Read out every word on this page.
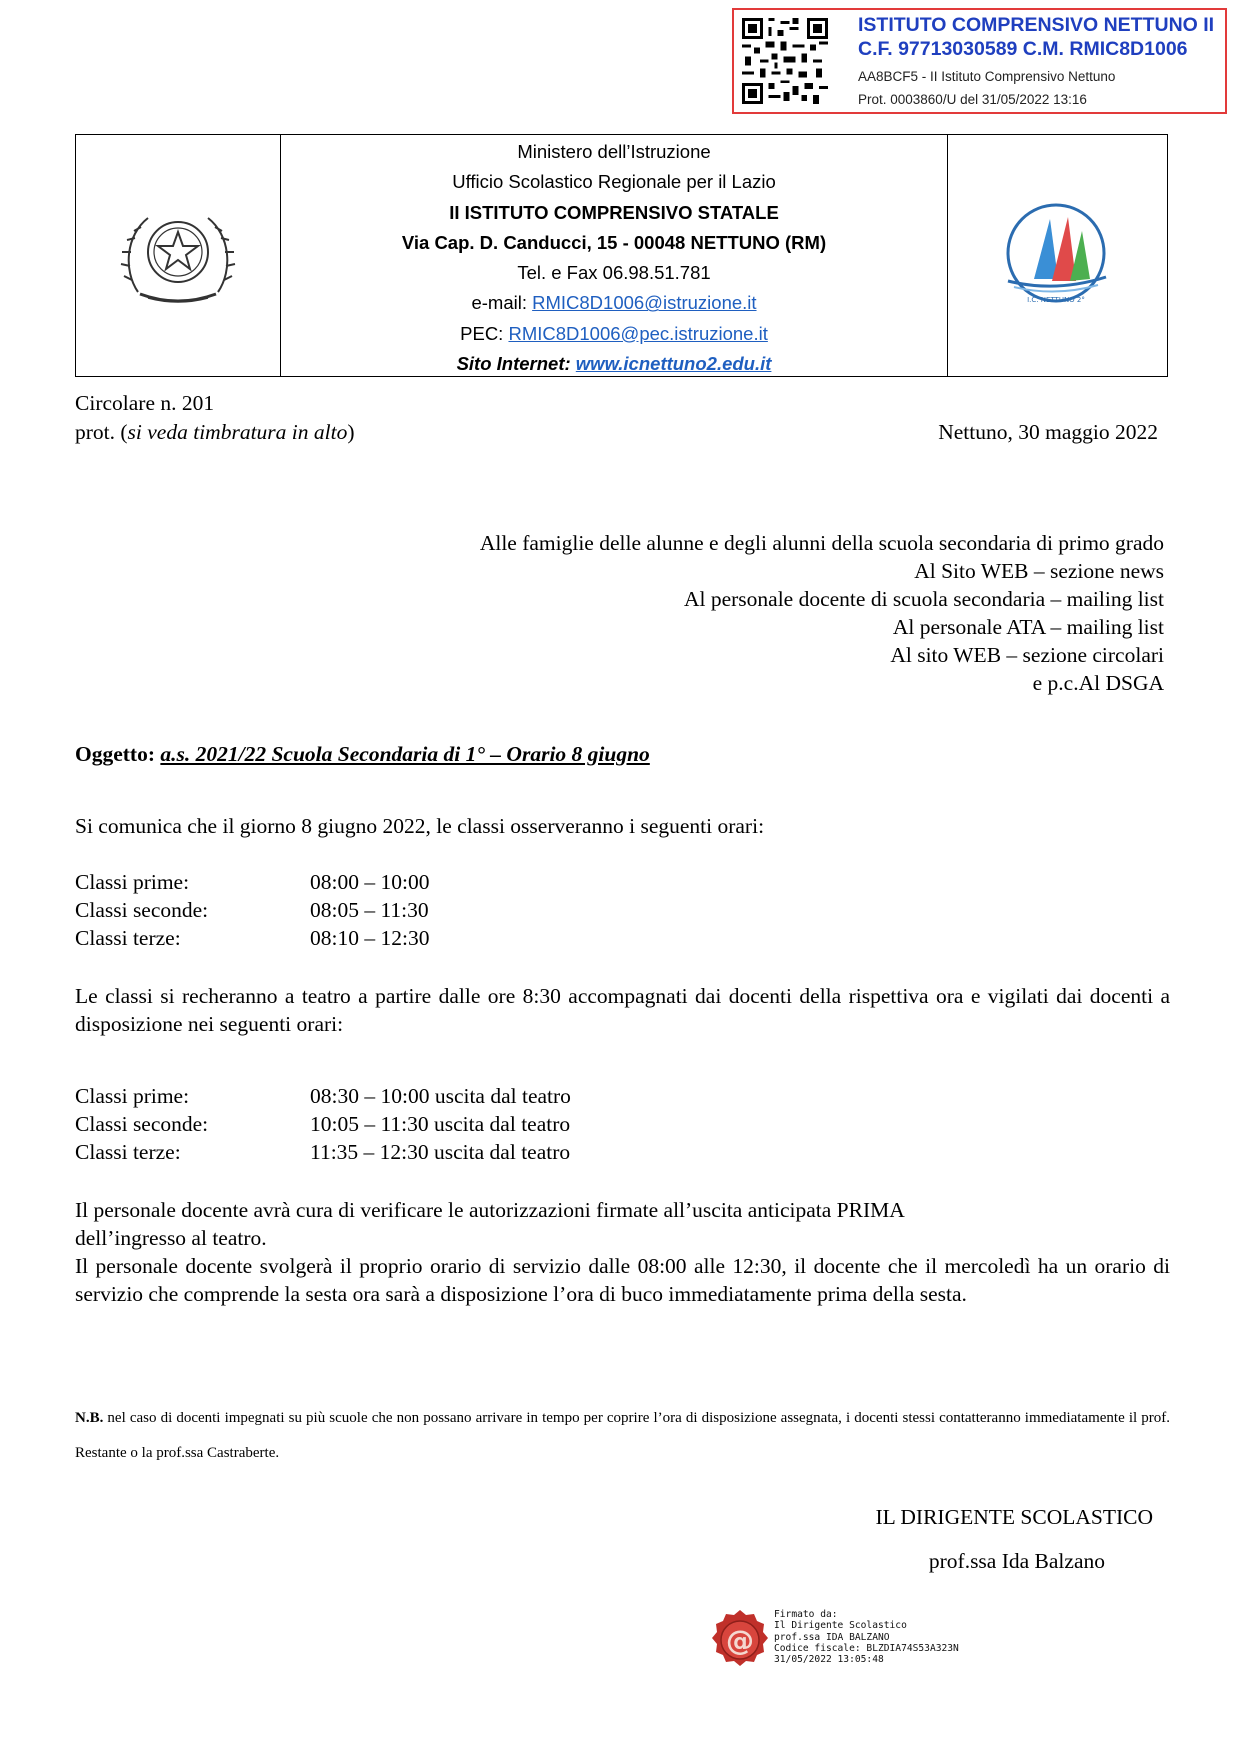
ISTITUTO COMPRENSIVO NETTUNO II
C.F. 97713030589 C.M. RMIC8D1006
AA8BCF5 - II Istituto Comprensivo Nettuno
Prot. 0003860/U del 31/05/2022 13:16
Ministero dell’Istruzione
Ufficio Scolastico Regionale per il Lazio
II ISTITUTO COMPRENSIVO STATALE
Via Cap. D. Canducci, 15 - 00048 NETTUNO (RM)
Tel. e Fax 06.98.51.781
e-mail: RMIC8D1006@istruzione.it
PEC: RMIC8D1006@pec.istruzione.it
Sito Internet: www.icnettuno2.edu.it
I.C. NETTUNO 2°
Circolare n. 201
prot. (si veda timbratura in alto)	Nettuno, 30 maggio 2022
Alle famiglie delle alunne e degli alunni della scuola secondaria di primo grado
Al Sito WEB – sezione news
Al personale docente di scuola secondaria – mailing list
Al personale ATA – mailing list
Al sito WEB – sezione circolari
e p.c.Al DSGA
Oggetto: a.s. 2021/22 Scuola Secondaria di 1° – Orario 8 giugno
Si comunica che il giorno 8 giugno 2022, le classi osserveranno i seguenti orari:
Classi prime:	08:00 – 10:00
Classi seconde:	08:05 – 11:30
Classi terze:	08:10 – 12:30
Le classi si recheranno a teatro a partire dalle ore 8:30 accompagnati dai docenti della rispettiva ora e vigilati dai docenti a disposizione nei seguenti orari:
Classi prime:	08:30 – 10:00 uscita dal teatro
Classi seconde:	10:05 – 11:30 uscita dal teatro
Classi terze:	11:35 – 12:30 uscita dal teatro
Il personale docente avrà cura di verificare le autorizzazioni firmate all’uscita anticipata PRIMA
dell’ingresso al teatro.
Il personale docente svolgerà il proprio orario di servizio dalle 08:00 alle 12:30, il docente che il mercoledì ha un orario di servizio che comprende la sesta ora sarà a disposizione l’ora di buco immediatamente prima della sesta.
N.B. nel caso di docenti impegnati su più scuole che non possano arrivare in tempo per coprire l’ora di disposizione assegnata, i docenti stessi contatteranno immediatamente il prof. Restante o la prof.ssa Castraberte.
IL DIRIGENTE SCOLASTICO
prof.ssa Ida Balzano
@
Firmato da:
Il Dirigente Scolastico
prof.ssa IDA BALZANO
Codice fiscale: BLZDIA74S53A323N
31/05/2022 13:05:48
